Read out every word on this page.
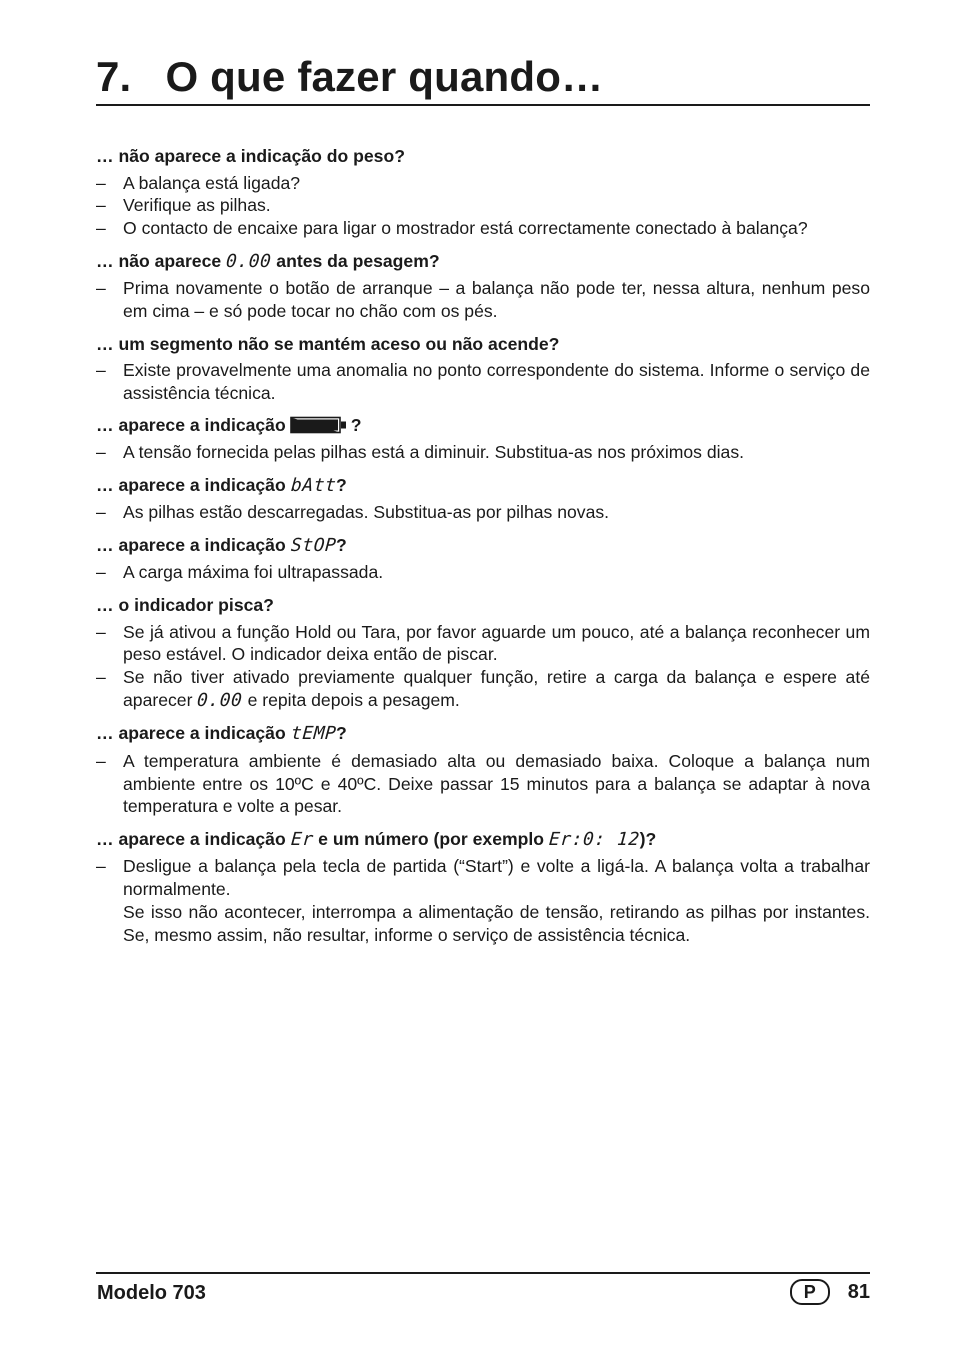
7. O que fazer quando…
… não aparece a indicação do peso?

– A balança está ligada?

– Verifique as pilhas.

– O contacto de encaixe para ligar o mostrador está correctamente conectado à balança?

… não aparece 0.00 antes da pesagem?

– Prima novamente o botão de arranque – a balança não pode ter, nessa altura, nenhum peso em cima – e só pode tocar no chão com os pés.

… um segmento não se mantém aceso ou não acende?

– Existe provavelmente uma anomalia no ponto correspondente do sistema. Informe o serviço de assistência técnica.

… aparece a indicação	?

– A tensão fornecida pelas pilhas está a diminuir. Substitua-as nos próximos dias.

… aparece a indicação bAtt?

– As pilhas estão descarregadas. Substitua-as por pilhas novas.

… aparece a indicação StOP?

– A carga máxima foi ultrapassada.

… o indicador pisca?

– Se já ativou a função Hold ou Tara, por favor aguarde um pouco, até a balança reconhecer um peso estável. O indicador deixa então de piscar.

– Se não tiver ativado previamente qualquer função, retire a carga da balança e espere até aparecer 0.00 e repita depois a pesagem.

… aparece a indicação tEMP?

– A temperatura ambiente é demasiado alta ou demasiado baixa. Coloque a balança num ambiente entre os 10ºC e 40ºC. Deixe passar 15 minutos para a balança se adaptar à nova temperatura e volte a pesar.

… aparece a indicação Er e um número (por exemplo Er:0: 12)?

– Desligue a balança pela tecla de partida (“Start”) e volte a ligá-la. A balança volta a trabalhar normalmente.

Se isso não acontecer, interrompa a alimentação de tensão, retirando as pilhas por instantes. Se, mesmo assim, não resultar, informe o serviço de assistência técnica.

Modelo 703	P	81
